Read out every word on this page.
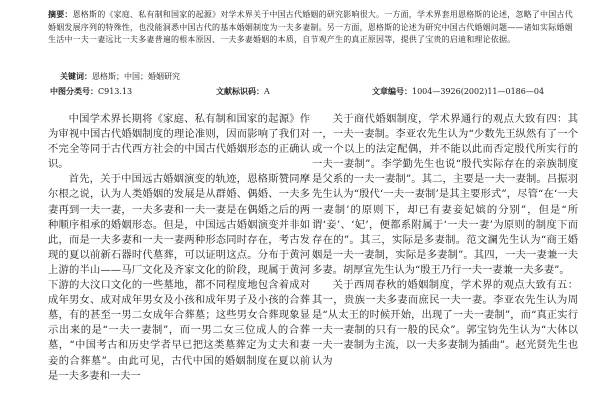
摘要：恩格斯的《家庭、私有制和国家的起源》对学术界关于中国古代婚姻的研究影响很大。一方面，学术界套用恩格斯的论述，忽略了中国古代婚姻发展序列的特殊性，也没能洞悉中国古代的基本婚姻制度为一夫多妻制。另一方面，恩格斯的论述为研究中国古代婚姻问题——诸如实际婚姻生活中一夫一妻远比一夫多妻普遍的根本原因、一夫多妻婚姻的本质，自节观产生的真正原因等，提供了宝贵的启迪和理论依据。
关键词：恩格斯；中国；婚姻研究
中图分类号：C913.13	文献标识码：A	文章编号：1004—3926(2002)11—0186—04

中国学术界长期将《家庭、私有制和国家的起源》作为审视中国古代婚姻制度的理论准则，因而影响了我们对不完全等同于古代西方社会的中国古代婚姻形态的正确认识。

首先，关于中国远古婚姻演变的轨迹，恩格斯赞同摩尔根之说，认为人类婚姻的发展是从群婚、偶婚、一夫多妻再到一夫一妻，一夫多妻和一夫一妻是在偶婚之后的两种顺序相承的婚姻形态。但是，中国远古婚姻演变并非如此，而是一夫多妻和一夫一妻两种形态同时存在，考古发现的夏以前新石器时代墓葬，可以证明这点。分布于黄河上游的半山——马厂文化及齐家文化的阶段，现属于黄河下游的大汶口文化的一些墓地，都不同程度地包含着成对成年男女、成对成年男女及小孩和成年男子及小孩的合葬墓，有的甚至一男二女成年合葬墓；这些男女合葬现象显示出来的是“一夫一妻制”，而一男二女三位成人的合葬墓，“中国考古和历史学者早已把这类墓葬定为丈夫和妻妾的合葬墓”。由此可见，古代中国的婚姻制度在夏以前是一夫多妻和一夫一

关于商代婚姻制度，学术界通行的观点大致有四：其一，一夫一妻制。李亚农先生认为“少数先王纵然有了一个或一个以上的法定配偶，并不能以此而否定殷代所实行的一夫一妻制”。李学勤先生也说“殷代实际存在的亲族制度是父系的一夫一妻制”。其二，主要是一夫一妻制。吕振羽先生认为“殷代‘一夫一妻制’是其主要形式”，尽管“在‘一夫一妻制’的原则下，却已有妻妾妃嫔的分别”，但是“所谓‘妾’、‘妃’，便都系附属于‘一夫一妻’为原则的制度下而存在的”。其三，实际是多妻制。范文澜先生认为“商王婚姻是一夫一妻制，实际是多妻制”。其四，一夫一妻兼一夫多妻。胡厚宣先生认为“殷王乃行一夫一妻兼一夫多妻”。

关于西周春秋的婚姻制度，学术界的观点大致有五：其一，贵族一夫多妻而庶民一夫一妻。李亚农先生认为周是“从太王的时候开始，出现了一夫一妻制”，而“真正实行一夫一妻制的只有一般的民众”。郭宝钧先生认为“大体以一夫一妻制为主流，以一夫多妻制为插曲”。赵光贤先生也认为
